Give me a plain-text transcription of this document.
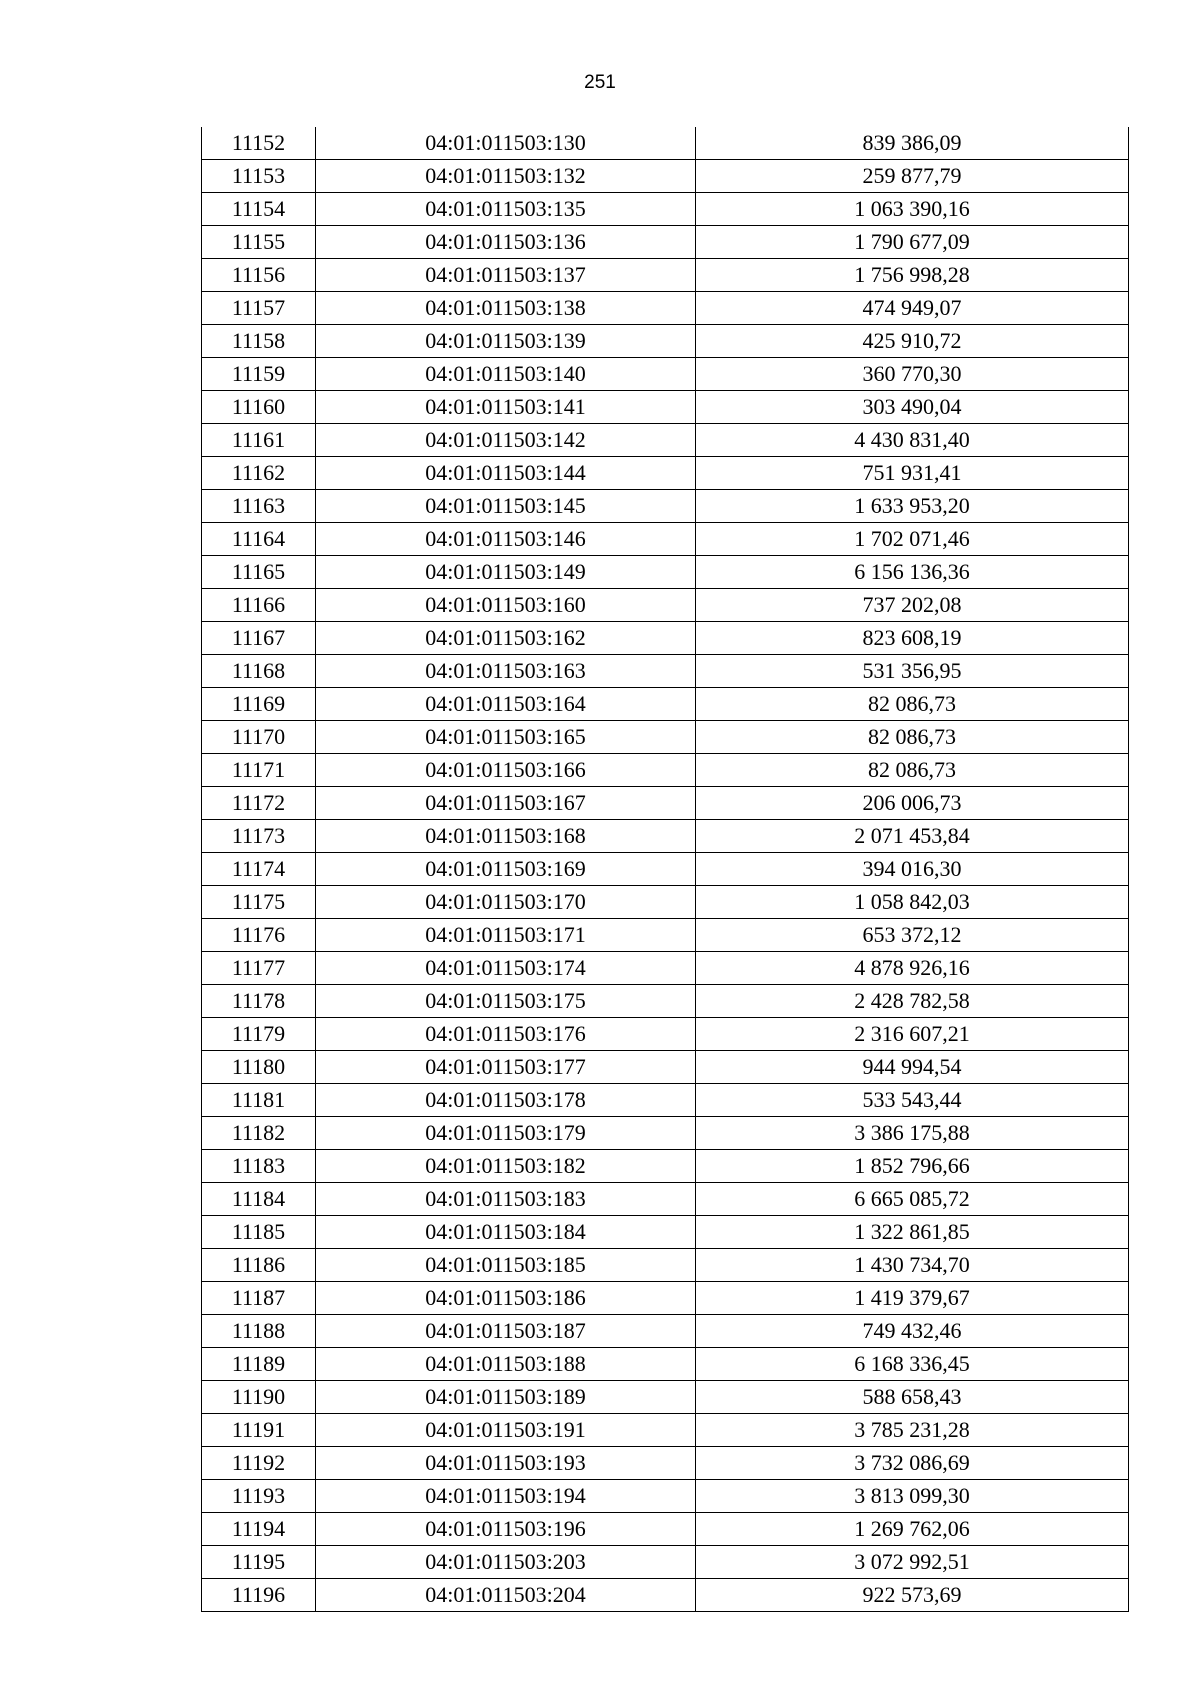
251
11152	04:01:011503:130	839 386,09
11153	04:01:011503:132	259 877,79
11154	04:01:011503:135	1 063 390,16
11155	04:01:011503:136	1 790 677,09
11156	04:01:011503:137	1 756 998,28
11157	04:01:011503:138	474 949,07
11158	04:01:011503:139	425 910,72
11159	04:01:011503:140	360 770,30
11160	04:01:011503:141	303 490,04
11161	04:01:011503:142	4 430 831,40
11162	04:01:011503:144	751 931,41
11163	04:01:011503:145	1 633 953,20
11164	04:01:011503:146	1 702 071,46
11165	04:01:011503:149	6 156 136,36
11166	04:01:011503:160	737 202,08
11167	04:01:011503:162	823 608,19
11168	04:01:011503:163	531 356,95
11169	04:01:011503:164	82 086,73
11170	04:01:011503:165	82 086,73
11171	04:01:011503:166	82 086,73
11172	04:01:011503:167	206 006,73
11173	04:01:011503:168	2 071 453,84
11174	04:01:011503:169	394 016,30
11175	04:01:011503:170	1 058 842,03
11176	04:01:011503:171	653 372,12
11177	04:01:011503:174	4 878 926,16
11178	04:01:011503:175	2 428 782,58
11179	04:01:011503:176	2 316 607,21
11180	04:01:011503:177	944 994,54
11181	04:01:011503:178	533 543,44
11182	04:01:011503:179	3 386 175,88
11183	04:01:011503:182	1 852 796,66
11184	04:01:011503:183	6 665 085,72
11185	04:01:011503:184	1 322 861,85
11186	04:01:011503:185	1 430 734,70
11187	04:01:011503:186	1 419 379,67
11188	04:01:011503:187	749 432,46
11189	04:01:011503:188	6 168 336,45
11190	04:01:011503:189	588 658,43
11191	04:01:011503:191	3 785 231,28
11192	04:01:011503:193	3 732 086,69
11193	04:01:011503:194	3 813 099,30
11194	04:01:011503:196	1 269 762,06
11195	04:01:011503:203	3 072 992,51
11196	04:01:011503:204	922 573,69
